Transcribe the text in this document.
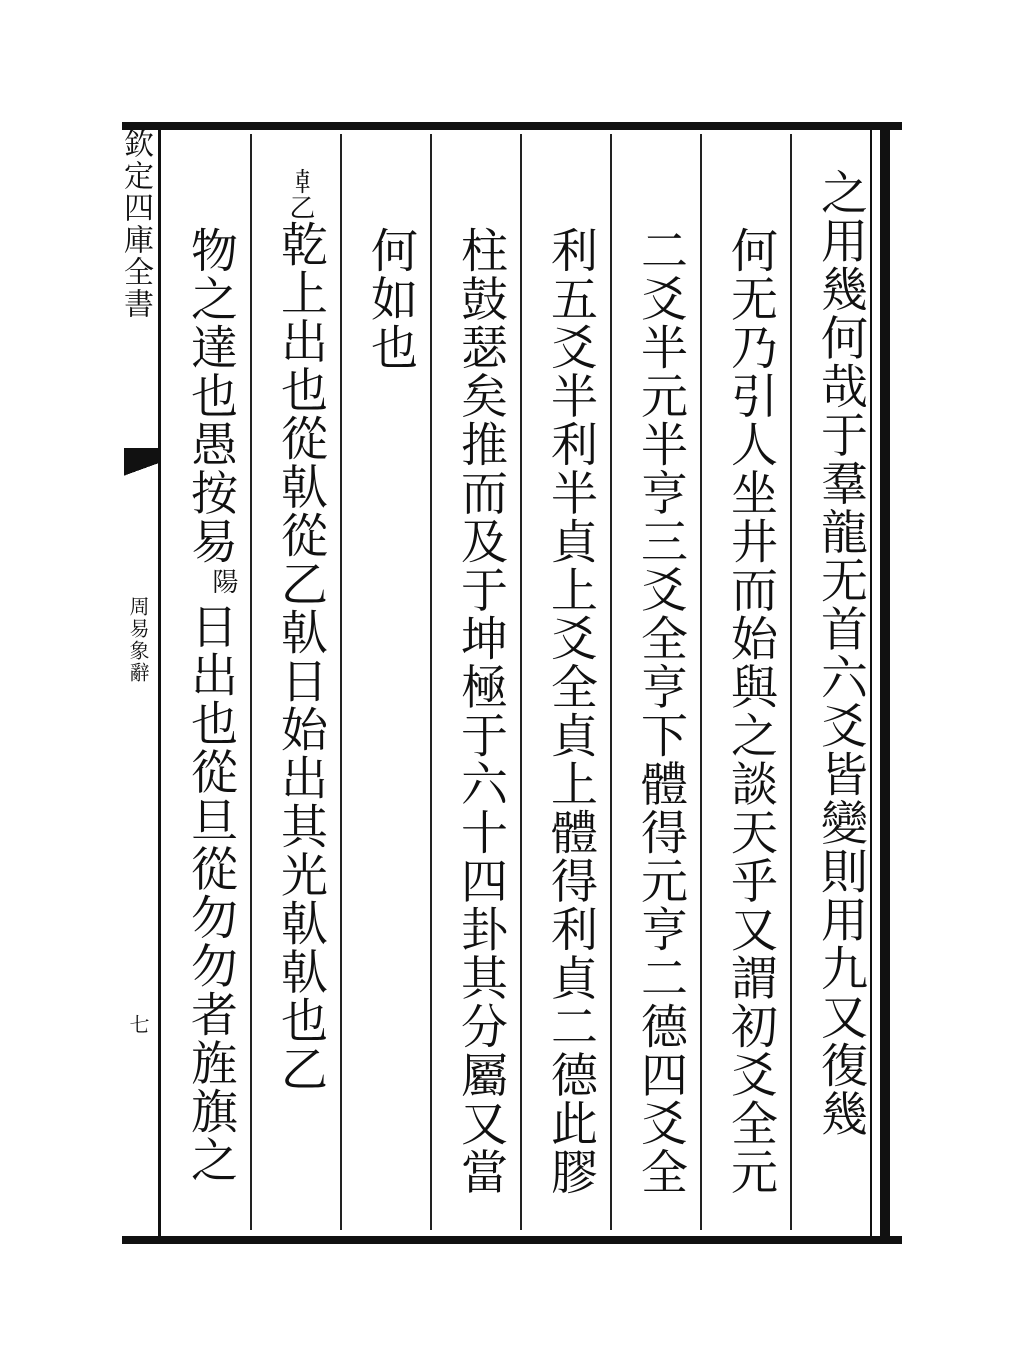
欽定四庫全書
周易象辭
七	之用幾何哉于羣龍无首六爻皆變則用九又復幾
何无乃引人坐井而始與之談天乎又謂初爻全元
二爻半元半亨三爻全亨下體得元亨二德四爻全
利五爻半利半貞上爻全貞上體得利貞二德此膠
柱鼓瑟矣推而及于坤極于六十四卦其分屬又當
何如也
𠦝乙乾上出也從倝從乙倝日始出其光倝倝也乙
物之達也愚按易
陽
日出也從旦從勿勿者旌旗之
